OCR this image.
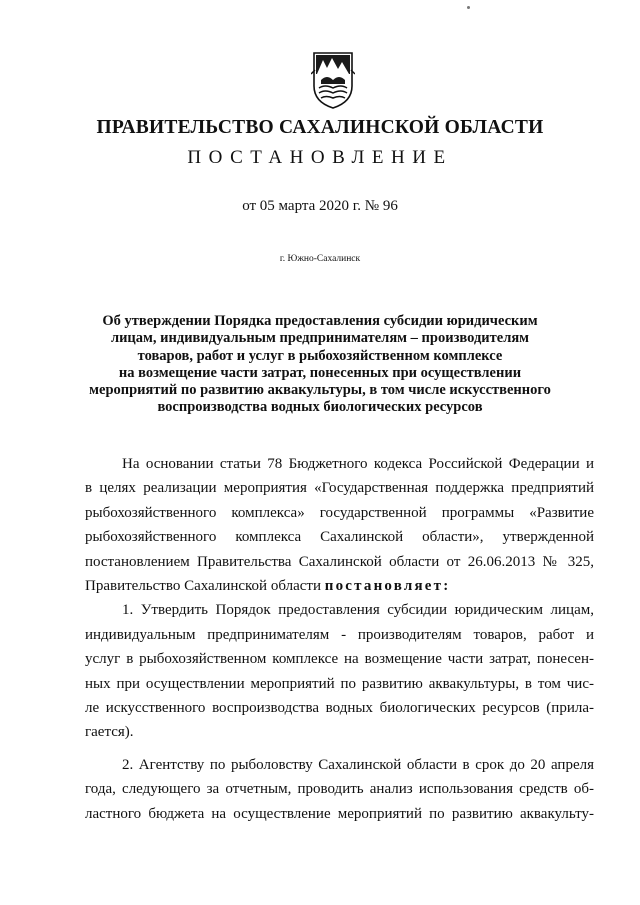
ПРАВИТЕЛЬСТВО САХАЛИНСКОЙ ОБЛАСТИ
ПОСТАНОВЛЕНИЕ
от 05 марта 2020 г. № 96
г. Южно-Сахалинск
Об утверждении Порядка предоставления субсидии юридическим
лицам, индивидуальным предпринимателям – производителям
товаров, работ и услуг в рыбохозяйственном комплексе
на возмещение части затрат, понесенных при осуществлении
мероприятий по развитию аквакультуры, в том числе искусственного
воспроизводства водных биологических ресурсов
На основании статьи 78 Бюджетного кодекса Российской Федерации и
в целях реализации мероприятия «Государственная поддержка предприятий
рыбохозяйственного комплекса» государственной программы «Развитие
рыбохозяйственного комплекса Сахалинской области», утвержденной
постановлением Правительства Сахалинской области от 26.06.2013 № 325,
Правительство Сахалинской области постановляет:
1. Утвердить Порядок предоставления субсидии юридическим лицам,
индивидуальным предпринимателям - производителям товаров, работ и
услуг в рыбохозяйственном комплексе на возмещение части затрат, понесен-
ных при осуществлении мероприятий по развитию аквакультуры, в том чис-
ле искусственного воспроизводства водных биологических ресурсов (прила-
гается).
2. Агентству по рыболовству Сахалинской области в срок до 20 апреля
года, следующего за отчетным, проводить анализ использования средств об-
ластного бюджета на осуществление мероприятий по развитию аквакульту-
